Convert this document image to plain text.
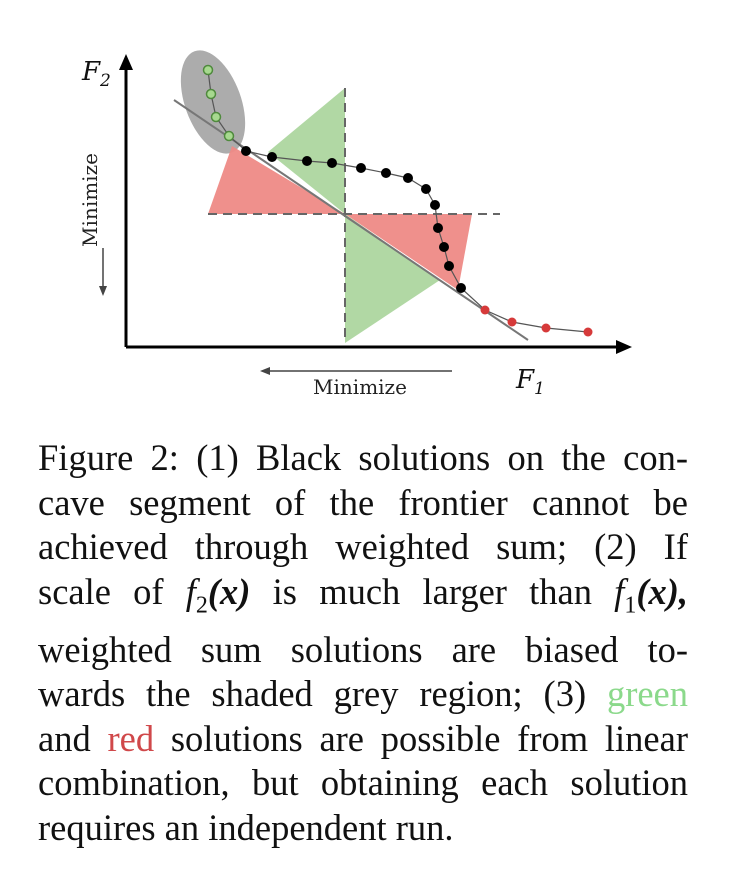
$F_2$
$F_1$
Minimize
Minimize
Figure 2: (1) Black solutions on the con-
cave segment of the frontier cannot be
achieved through weighted sum; (2) If
scale of $f_2(x)$ is much larger than $f_1(x)$,
weighted sum solutions are biased to-
wards the shaded grey region; (3) green
and red solutions are possible from linear
combination, but obtaining each solution
requires an independent run.
